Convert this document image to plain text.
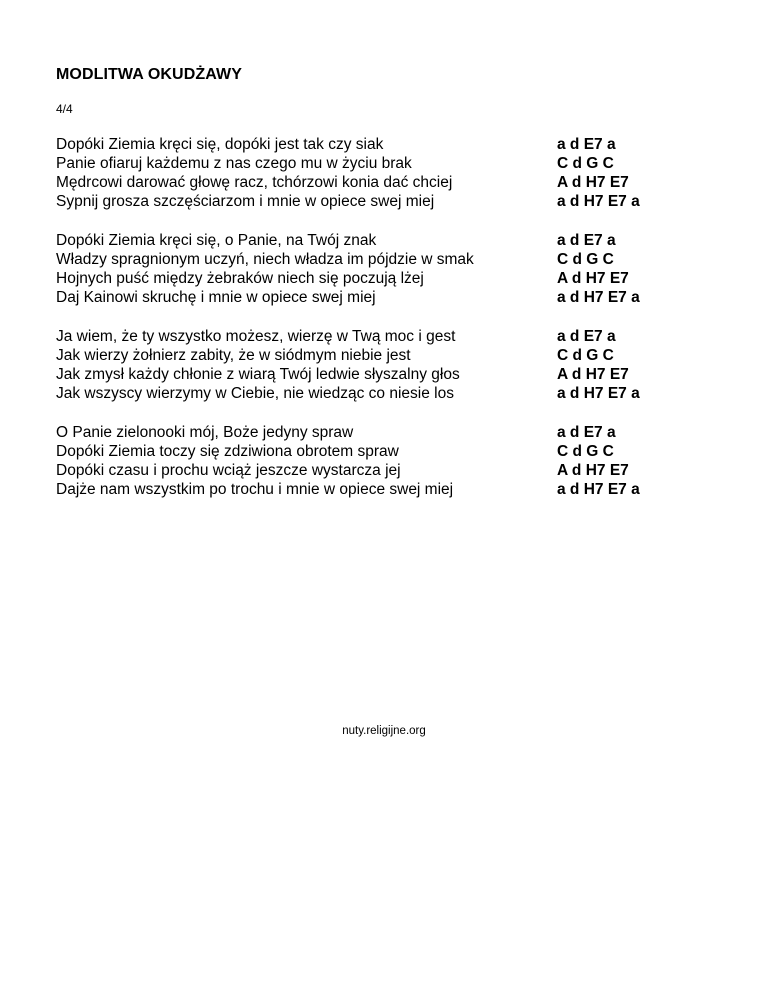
MODLITWA OKUDŻAWY
4/4
Dopóki Ziemia kręci się, dopóki jest tak czy siak	a d E7 a
Panie ofiaruj każdemu z nas czego mu w życiu brak	C d G C
Mędrcowi darować głowę racz, tchórzowi konia dać chciej	A d H7 E7
Sypnij grosza szczęściarzom i mnie w opiece swej miej	a d H7 E7 a
Dopóki Ziemia kręci się, o Panie, na Twój znak	a d E7 a
Władzy spragnionym uczyń, niech władza im pójdzie w smak	C d G C
Hojnych puść między żebraków niech się poczują lżej	A d H7 E7
Daj Kainowi skruchę i mnie w opiece swej miej	a d H7 E7 a
Ja wiem, że ty wszystko możesz, wierzę w Twą moc i gest	a d E7 a
Jak wierzy żołnierz zabity, że w siódmym niebie jest	C d G C
Jak zmysł każdy chłonie z wiarą Twój ledwie słyszalny głos	A d H7 E7
Jak wszyscy wierzymy w Ciebie, nie wiedząc co niesie los	a d H7 E7 a
O Panie zielonooki mój, Boże jedyny spraw	a d E7 a
Dopóki Ziemia toczy się zdziwiona obrotem spraw	C d G C
Dopóki czasu i prochu wciąż jeszcze wystarcza jej	A d H7 E7
Dajże nam wszystkim po trochu i mnie w opiece swej miej	a d H7 E7 a
nuty.religijne.org
